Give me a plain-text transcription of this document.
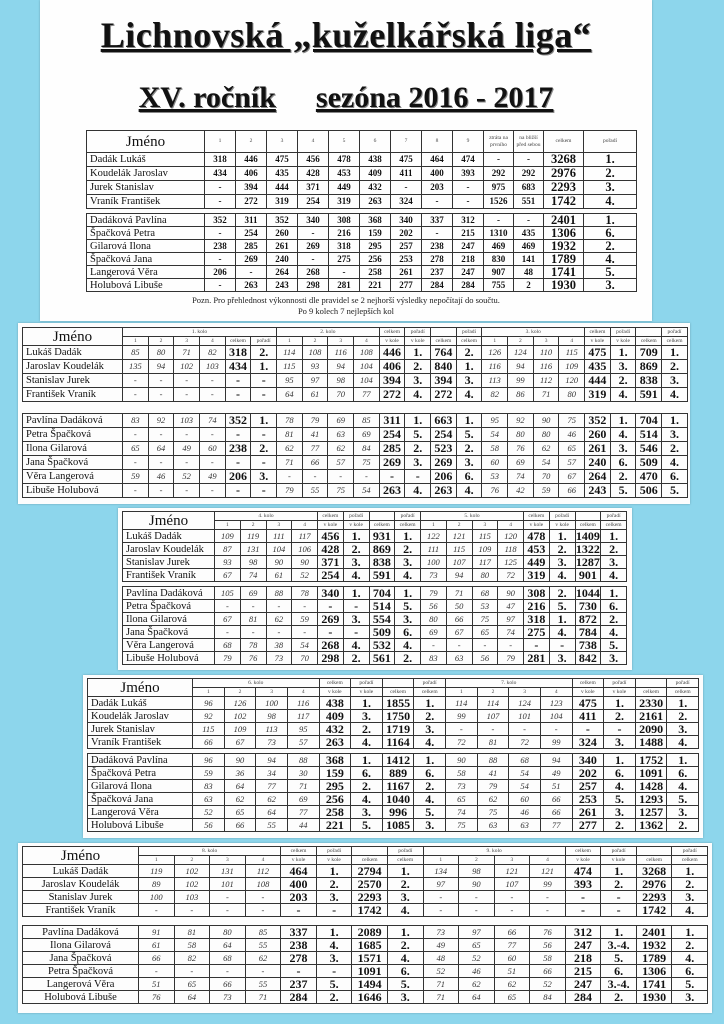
Lichnovská „kuželkářská liga“
XV. ročník sezóna 2016 - 2017
Pozn. Pro přehlednost výkonnosti dle pravidel se 2 nejhorší výsledky nepočítají do součtu.
Po 9 kolech 7 nejlepších kol
Jméno	1	2	3	4	5	6	7	8	9	ztráta na prvního	na bližší před sebou	celkem	pořadí
Dadák Lukáš	318	446	475	456	478	438	475	464	474	-	-	3268	1.
Koudelák Jaroslav	434	406	435	428	453	409	411	400	393	292	292	2976	2.
Jurek Stanislav	-	394	444	371	449	432	-	203	-	975	683	2293	3.
Vraník František	-	272	319	254	319	263	324	-	-	1526	551	1742	4.
Dadáková Pavlína	352	311	352	340	308	368	340	337	312	-	-	2401	1.
Špačková Petra	-	254	260	-	216	159	202	-	215	1310	435	1306	6.
Gilarová Ilona	238	285	261	269	318	295	257	238	247	469	469	1932	2.
Špačková Jana	-	269	240	-	275	256	253	278	218	830	141	1789	4.
Langerová Věra	206	-	264	268	-	258	261	237	247	907	48	1741	5.
Holubová Libuše	-	263	243	298	281	221	277	284	284	755	2	1930	3.
Jméno	1. kolo						2. kolo				celkem	pořadí		pořadí	3. kolo				celkem	pořadí		pořadí
	1	2	3	4	celkem	pořadí	1	2	3	4	v kole	v kole	celkem	celkem	1	2	3	4	v kole	v kole	celkem	celkem
Lukáš Dadák	85	80	71	82	318	2.	114	108	116	108	446	1.	764	2.	126	124	110	115	475	1.	709	1.
Jaroslav Koudelák	135	94	102	103	434	1.	115	93	94	104	406	2.	840	1.	116	94	116	109	435	3.	869	2.
Stanislav Jurek	-	-	-	-	-	-	95	97	98	104	394	3.	394	3.	113	99	112	120	444	2.	838	3.
František Vraník	-	-	-	-	-	-	64	61	70	77	272	4.	272	4.	82	86	71	80	319	4.	591	4.
Pavlína Dadáková	83	92	103	74	352	1.	78	79	69	85	311	1.	663	1.	95	92	90	75	352	1.	704	1.
Petra Špačková	-	-	-	-	-	-	81	41	63	69	254	5.	254	5.	54	80	80	46	260	4.	514	3.
Ilona Gilarová	65	64	49	60	238	2.	62	77	62	84	285	2.	523	2.	58	76	62	65	261	3.	546	2.
Jana Špačková	-	-	-	-	-	-	71	66	57	75	269	3.	269	3.	60	69	54	57	240	6.	509	4.
Věra Langerová	59	46	52	49	206	3.	-	-	-	-	-	-	206	6.	53	74	70	67	264	2.	470	6.
Libuše Holubová	-	-	-	-	-	-	79	55	75	54	263	4.	263	4.	76	42	59	66	243	5.	506	5.
Jméno	4. kolo				celkem	pořadí		pořadí	5. kolo				celkem	pořadí		pořadí
	1	2	3	4	v kole	v kole	celkem	celkem	1	2	3	4	v kole	v kole	celkem	celkem
Lukáš Dadák	109	119	111	117	456	1.	931	1.	122	121	115	120	478	1.	1409	1.
Jaroslav Koudelák	87	131	104	106	428	2.	869	2.	111	115	109	118	453	2.	1322	2.
Stanislav Jurek	93	98	90	90	371	3.	838	3.	100	107	117	125	449	3.	1287	3.
František Vraník	67	74	61	52	254	4.	591	4.	73	94	80	72	319	4.	901	4.
Pavlína Dadáková	105	69	88	78	340	1.	704	1.	79	71	68	90	308	2.	1044	1.
Petra Špačková	-	-	-	-	-	-	514	5.	56	50	53	47	216	5.	730	6.
Ilona Gilarová	67	81	62	59	269	3.	554	3.	80	66	75	97	318	1.	872	2.
Jana Špačková	-	-	-	-	-	-	509	6.	69	67	65	74	275	4.	784	4.
Věra Langerová	68	78	38	54	268	4.	532	4.	-	-	-	-	-	-	738	5.
Libuše Holubová	79	76	73	70	298	2.	561	2.	83	63	56	79	281	3.	842	3.
Jméno	6. kolo				celkem	pořadí		pořadí	7. kolo				celkem	pořadí		pořadí
	1	2	3	4	v kole	v kole	celkem	celkem	1	2	3	4	v kole	v kole	celkem	celkem
Dadák Lukáš	96	126	100	116	438	1.	1855	1.	114	114	124	123	475	1.	2330	1.
Koudelák Jaroslav	92	102	98	117	409	3.	1750	2.	99	107	101	104	411	2.	2161	2.
Jurek Stanislav	115	109	113	95	432	2.	1719	3.	-	-	-	-	-	-	2090	3.
Vraník František	66	67	73	57	263	4.	1164	4.	72	81	72	99	324	3.	1488	4.
Dadáková Pavlína	96	90	94	88	368	1.	1412	1.	90	88	68	94	340	1.	1752	1.
Špačková Petra	59	36	34	30	159	6.	889	6.	58	41	54	49	202	6.	1091	6.
Gilarová Ilona	83	64	77	71	295	2.	1167	2.	73	79	54	51	257	4.	1428	4.
Špačková Jana	63	62	62	69	256	4.	1040	4.	65	62	60	66	253	5.	1293	5.
Langerová Věra	52	65	64	77	258	3.	996	5.	74	75	46	66	261	3.	1257	3.
Holubová Libuše	56	66	55	44	221	5.	1085	3.	75	63	63	77	277	2.	1362	2.
Jméno	8. kolo				celkem	pořadí		pořadí	9. kolo				celkem	pořadí		pořadí
	1	2	3	4	v kole	v kole	celkem	celkem	1	2	3	4	v kole	v kole	celkem	celkem
Lukáš Dadák	119	102	131	112	464	1.	2794	1.	134	98	121	121	474	1.	3268	1.
Jaroslav Koudelák	89	102	101	108	400	2.	2570	2.	97	90	107	99	393	2.	2976	2.
Stanislav Jurek	100	103	-	-	203	3.	2293	3.	-	-	-	-	-	-	2293	3.
František Vraník	-	-	-	-	-	-	1742	4.	-	-	-	-	-	-	1742	4.
Pavlína Dadáková	91	81	80	85	337	1.	2089	1.	73	97	66	76	312	1.	2401	1.
Ilona Gilarová	61	58	64	55	238	4.	1685	2.	49	65	77	56	247	3.-4.	1932	2.
Jana Špačková	66	82	68	62	278	3.	1571	4.	48	52	60	58	218	5.	1789	4.
Petra Špačková	-	-	-	-	-	-	1091	6.	52	46	51	66	215	6.	1306	6.
Langerová Věra	51	65	66	55	237	5.	1494	5.	71	62	62	52	247	3.-4.	1741	5.
Holubová Libuše	76	64	73	71	284	2.	1646	3.	71	64	65	84	284	2.	1930	3.
